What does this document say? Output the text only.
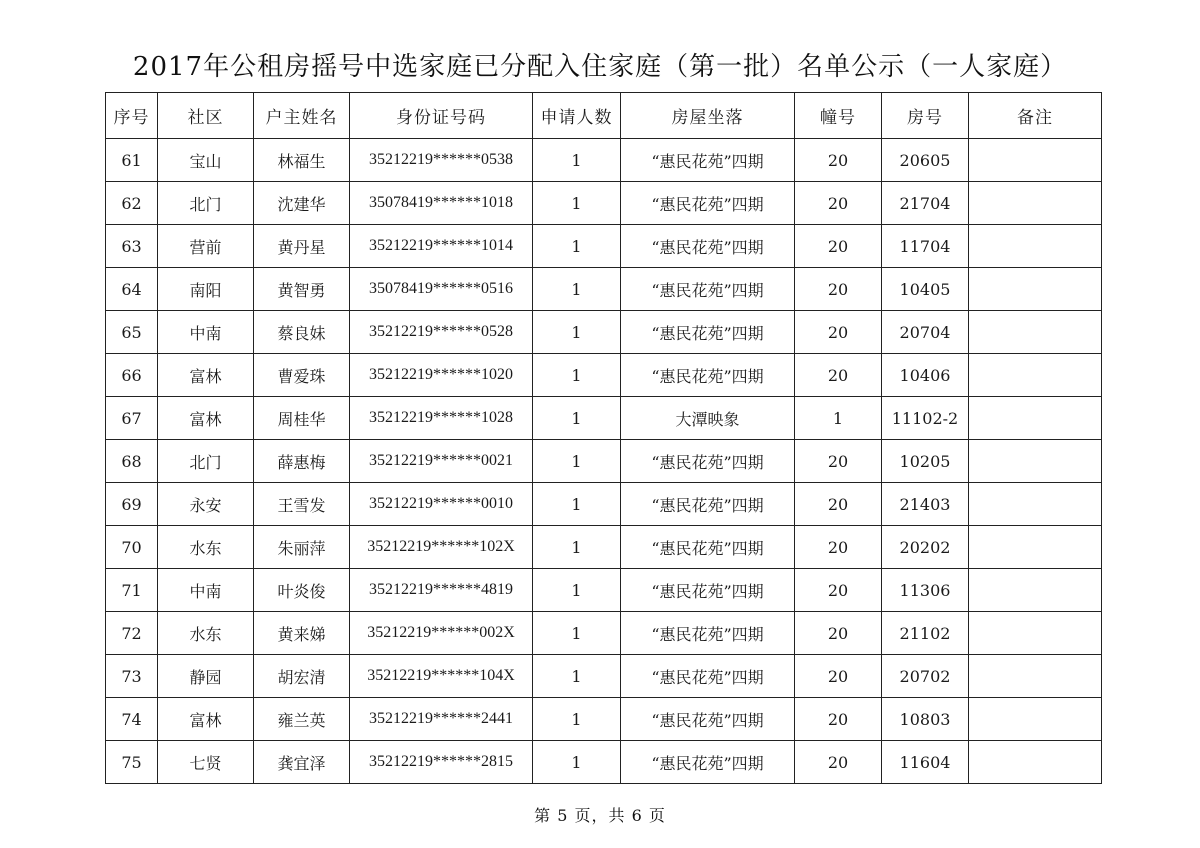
2017年公租房摇号中选家庭已分配入住家庭（第一批）名单公示（一人家庭）
序号	社区	户主姓名	身份证号码	申请人数	房屋坐落	幢号	房号	备注
61	宝山	林福生	35212219******0538	1	“惠民花苑”四期	20	20605	
62	北门	沈建华	35078419******1018	1	“惠民花苑”四期	20	21704	
63	营前	黄丹星	35212219******1014	1	“惠民花苑”四期	20	11704	
64	南阳	黄智勇	35078419******0516	1	“惠民花苑”四期	20	10405	
65	中南	蔡良妹	35212219******0528	1	“惠民花苑”四期	20	20704	
66	富林	曹爱珠	35212219******1020	1	“惠民花苑”四期	20	10406	
67	富林	周桂华	35212219******1028	1	大潭映象	1	11102-2	
68	北门	薛惠梅	35212219******0021	1	“惠民花苑”四期	20	10205	
69	永安	王雪发	35212219******0010	1	“惠民花苑”四期	20	21403	
70	水东	朱丽萍	35212219******102X	1	“惠民花苑”四期	20	20202	
71	中南	叶炎俊	35212219******4819	1	“惠民花苑”四期	20	11306	
72	水东	黄来娣	35212219******002X	1	“惠民花苑”四期	20	21102	
73	静园	胡宏清	35212219******104X	1	“惠民花苑”四期	20	20702	
74	富林	雍兰英	35212219******2441	1	“惠民花苑”四期	20	10803	
75	七贤	龚宜泽	35212219******2815	1	“惠民花苑”四期	20	11604	
第 5 页，共 6 页
